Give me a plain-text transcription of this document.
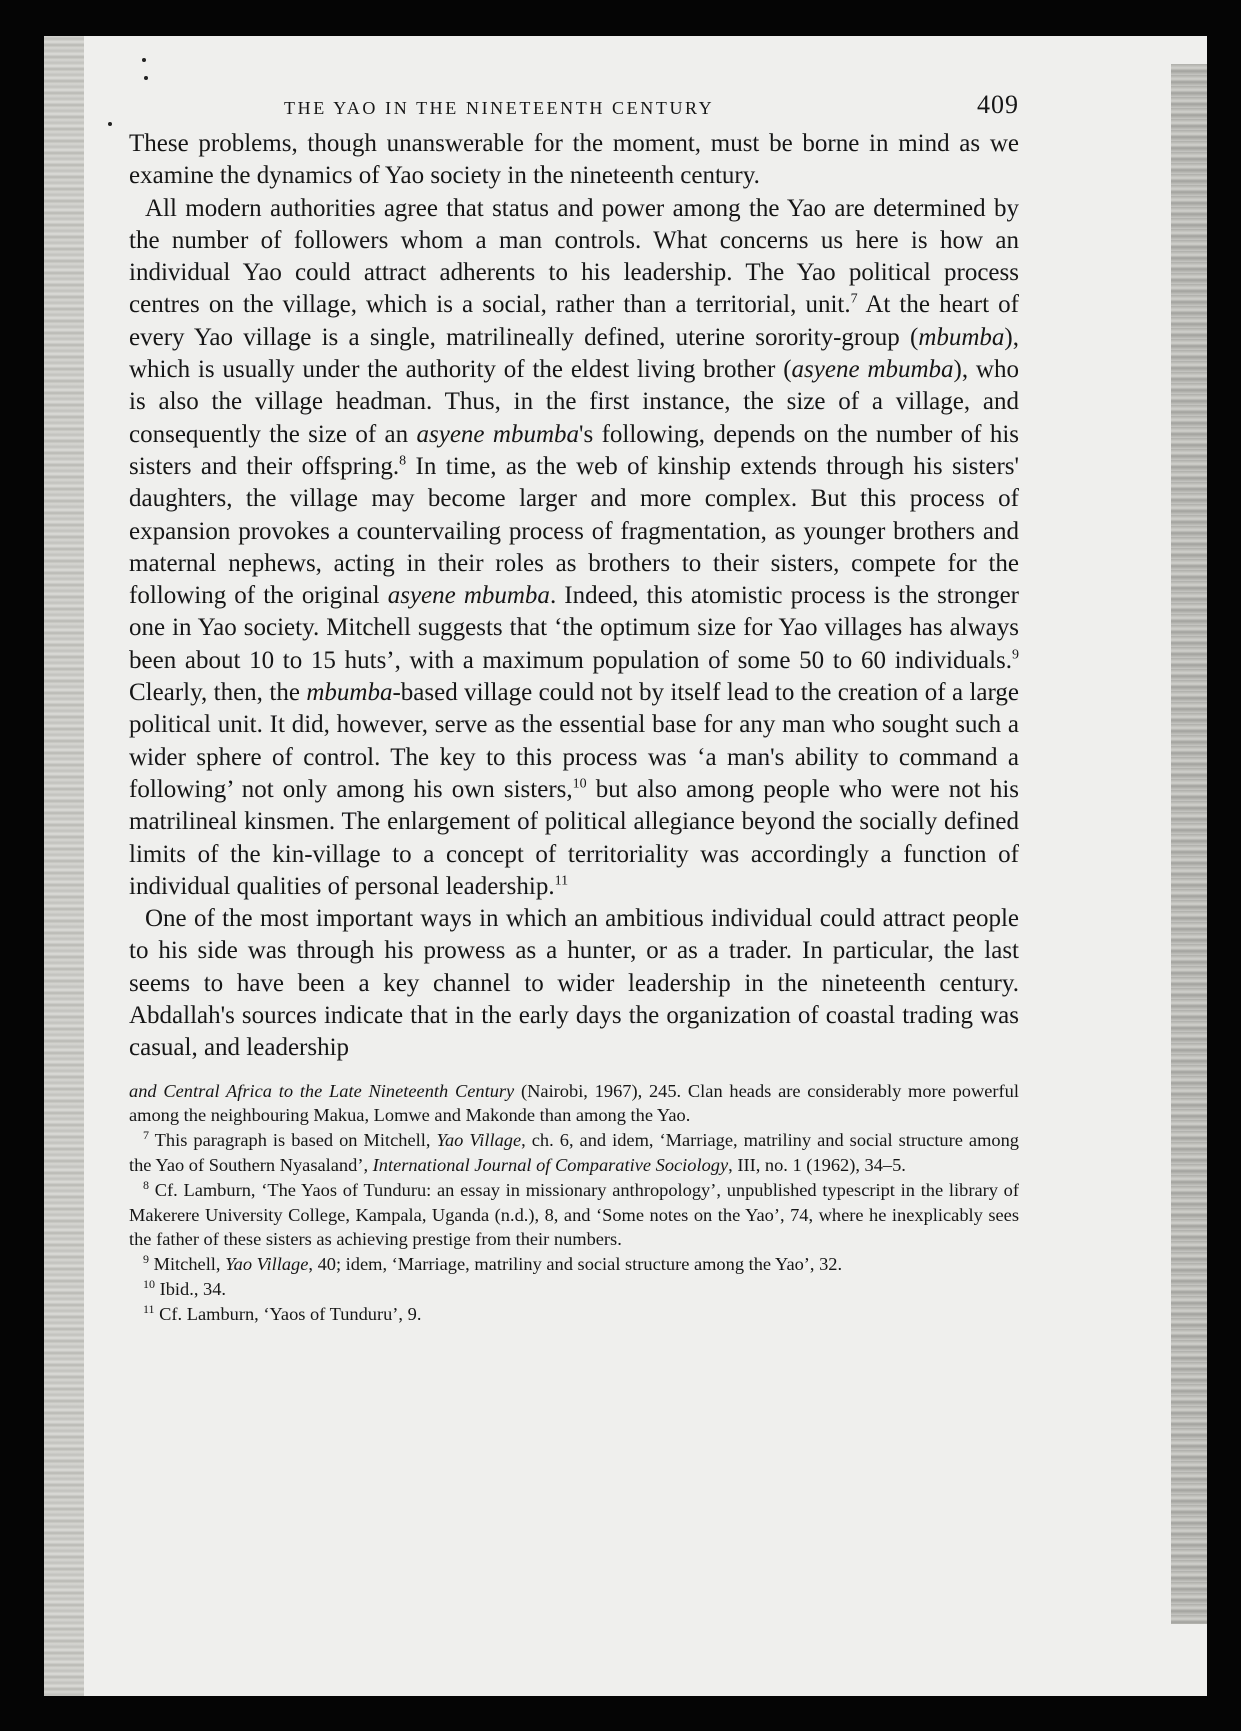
THE YAO IN THE NINETEENTH CENTURY	409

These problems, though unanswerable for the moment, must be borne in mind as we examine the dynamics of Yao society in the nineteenth century.

All modern authorities agree that status and power among the Yao are determined by the number of followers whom a man controls. What concerns us here is how an individual Yao could attract adherents to his leadership. The Yao political process centres on the village, which is a social, rather than a territorial, unit.$^7$ At the heart of every Yao village is a single, matrilineally defined, uterine sorority-group (mbumba), which is usually under the authority of the eldest living brother (asyene mbumba), who is also the village headman. Thus, in the first instance, the size of a village, and consequently the size of an asyene mbumba's following, depends on the number of his sisters and their offspring.$^8$ In time, as the web of kinship extends through his sisters' daughters, the village may become larger and more complex. But this process of expansion provokes a countervailing process of fragmentation, as younger brothers and maternal nephews, acting in their roles as brothers to their sisters, compete for the following of the original asyene mbumba. Indeed, this atomistic process is the stronger one in Yao society. Mitchell suggests that ‘the optimum size for Yao villages has always been about 10 to 15 huts’, with a maximum population of some 50 to 60 individuals.$^9$ Clearly, then, the mbumba-based village could not by itself lead to the creation of a large political unit. It did, however, serve as the essential base for any man who sought such a wider sphere of control. The key to this process was ‘a man's ability to command a following’ not only among his own sisters,$^{10}$ but also among people who were not his matrilineal kinsmen. The enlargement of political allegiance beyond the socially defined limits of the kin-village to a concept of territoriality was accordingly a function of individual qualities of personal leadership.$^{11}$

One of the most important ways in which an ambitious individual could attract people to his side was through his prowess as a hunter, or as a trader. In particular, the last seems to have been a key channel to wider leadership in the nineteenth century. Abdallah's sources indicate that in the early days the organization of coastal trading was casual, and leadership

and Central Africa to the Late Nineteenth Century (Nairobi, 1967), 245. Clan heads are considerably more powerful among the neighbouring Makua, Lomwe and Makonde than among the Yao.

$^7$ This paragraph is based on Mitchell, Yao Village, ch. 6, and idem, ‘Marriage, matriliny and social structure among the Yao of Southern Nyasaland’, International Journal of Comparative Sociology, III, no. 1 (1962), 34–5.

$^8$ Cf. Lamburn, ‘The Yaos of Tunduru: an essay in missionary anthropology’, unpublished typescript in the library of Makerere University College, Kampala, Uganda (n.d.), 8, and ‘Some notes on the Yao’, 74, where he inexplicably sees the father of these sisters as achieving prestige from their numbers.

$^9$ Mitchell, Yao Village, 40; idem, ‘Marriage, matriliny and social structure among the Yao’, 32.

$^{10}$ Ibid., 34.

$^{11}$ Cf. Lamburn, ‘Yaos of Tunduru’, 9.
